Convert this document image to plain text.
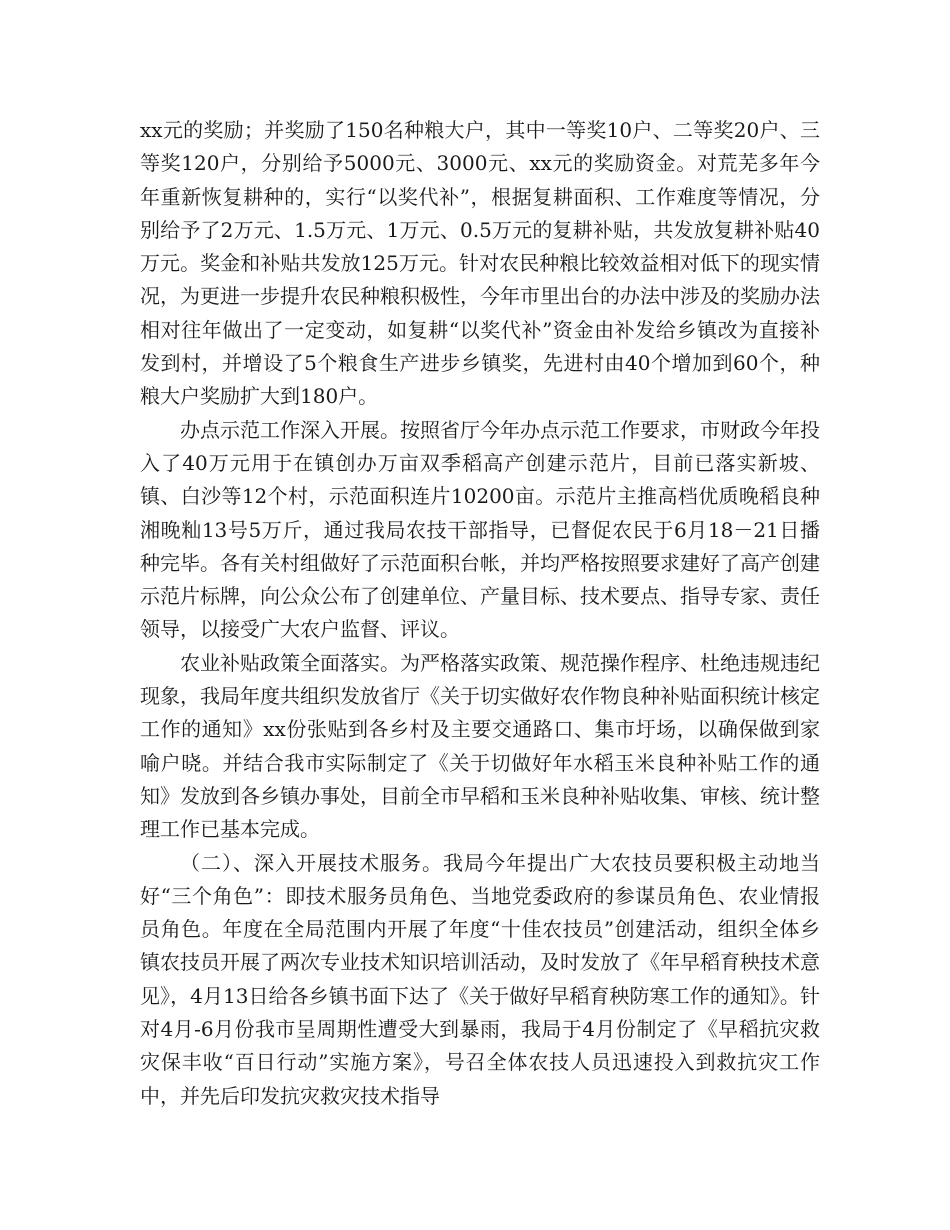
xx元的奖励；并奖励了150名种粮大户，其中一等奖10户、二等奖20户、三等奖120户，分别给予5000元、3000元、xx元的奖励资金。对荒芜多年今年重新恢复耕种的，实行“以奖代补”，根据复耕面积、工作难度等情况，分别给予了2万元、1.5万元、1万元、0.5万元的复耕补贴，共发放复耕补贴40万元。奖金和补贴共发放125万元。针对农民种粮比较效益相对低下的现实情况，为更进一步提升农民种粮积极性，今年市里出台的办法中涉及的奖励办法相对往年做出了一定变动，如复耕“以奖代补”资金由补发给乡镇改为直接补发到村，并增设了5个粮食生产进步乡镇奖，先进村由40个增加到60个，种粮大户奖励扩大到180户。

办点示范工作深入开展。按照省厅今年办点示范工作要求，市财政今年投入了40万元用于在镇创办万亩双季稻高产创建示范片，目前已落实新坡、镇、白沙等12个村，示范面积连片10200亩。示范片主推高档优质晚稻良种湘晚籼13号5万斤，通过我局农技干部指导，已督促农民于6月18－21日播种完毕。各有关村组做好了示范面积台帐，并均严格按照要求建好了高产创建示范片标牌，向公众公布了创建单位、产量目标、技术要点、指导专家、责任领导，以接受广大农户监督、评议。

农业补贴政策全面落实。为严格落实政策、规范操作程序、杜绝违规违纪现象，我局年度共组织发放省厅《关于切实做好农作物良种补贴面积统计核定工作的通知》xx份张贴到各乡村及主要交通路口、集市圩场，以确保做到家喻户晓。并结合我市实际制定了《关于切做好年水稻玉米良种补贴工作的通知》发放到各乡镇办事处，目前全市早稻和玉米良种补贴收集、审核、统计整理工作已基本完成。

（二）、深入开展技术服务。我局今年提出广大农技员要积极主动地当好“三个角色”：即技术服务员角色、当地党委政府的参谋员角色、农业情报员角色。年度在全局范围内开展了年度“十佳农技员”创建活动，组织全体乡镇农技员开展了两次专业技术知识培训活动，及时发放了《年早稻育秧技术意见》，4月13日给各乡镇书面下达了《关于做好早稻育秧防寒工作的通知》。针对4月-6月份我市呈周期性遭受大到暴雨，我局于4月份制定了《早稻抗灾救灾保丰收“百日行动”实施方案》，号召全体农技人员迅速投入到救抗灾工作中，并先后印发抗灾救灾技术指导
